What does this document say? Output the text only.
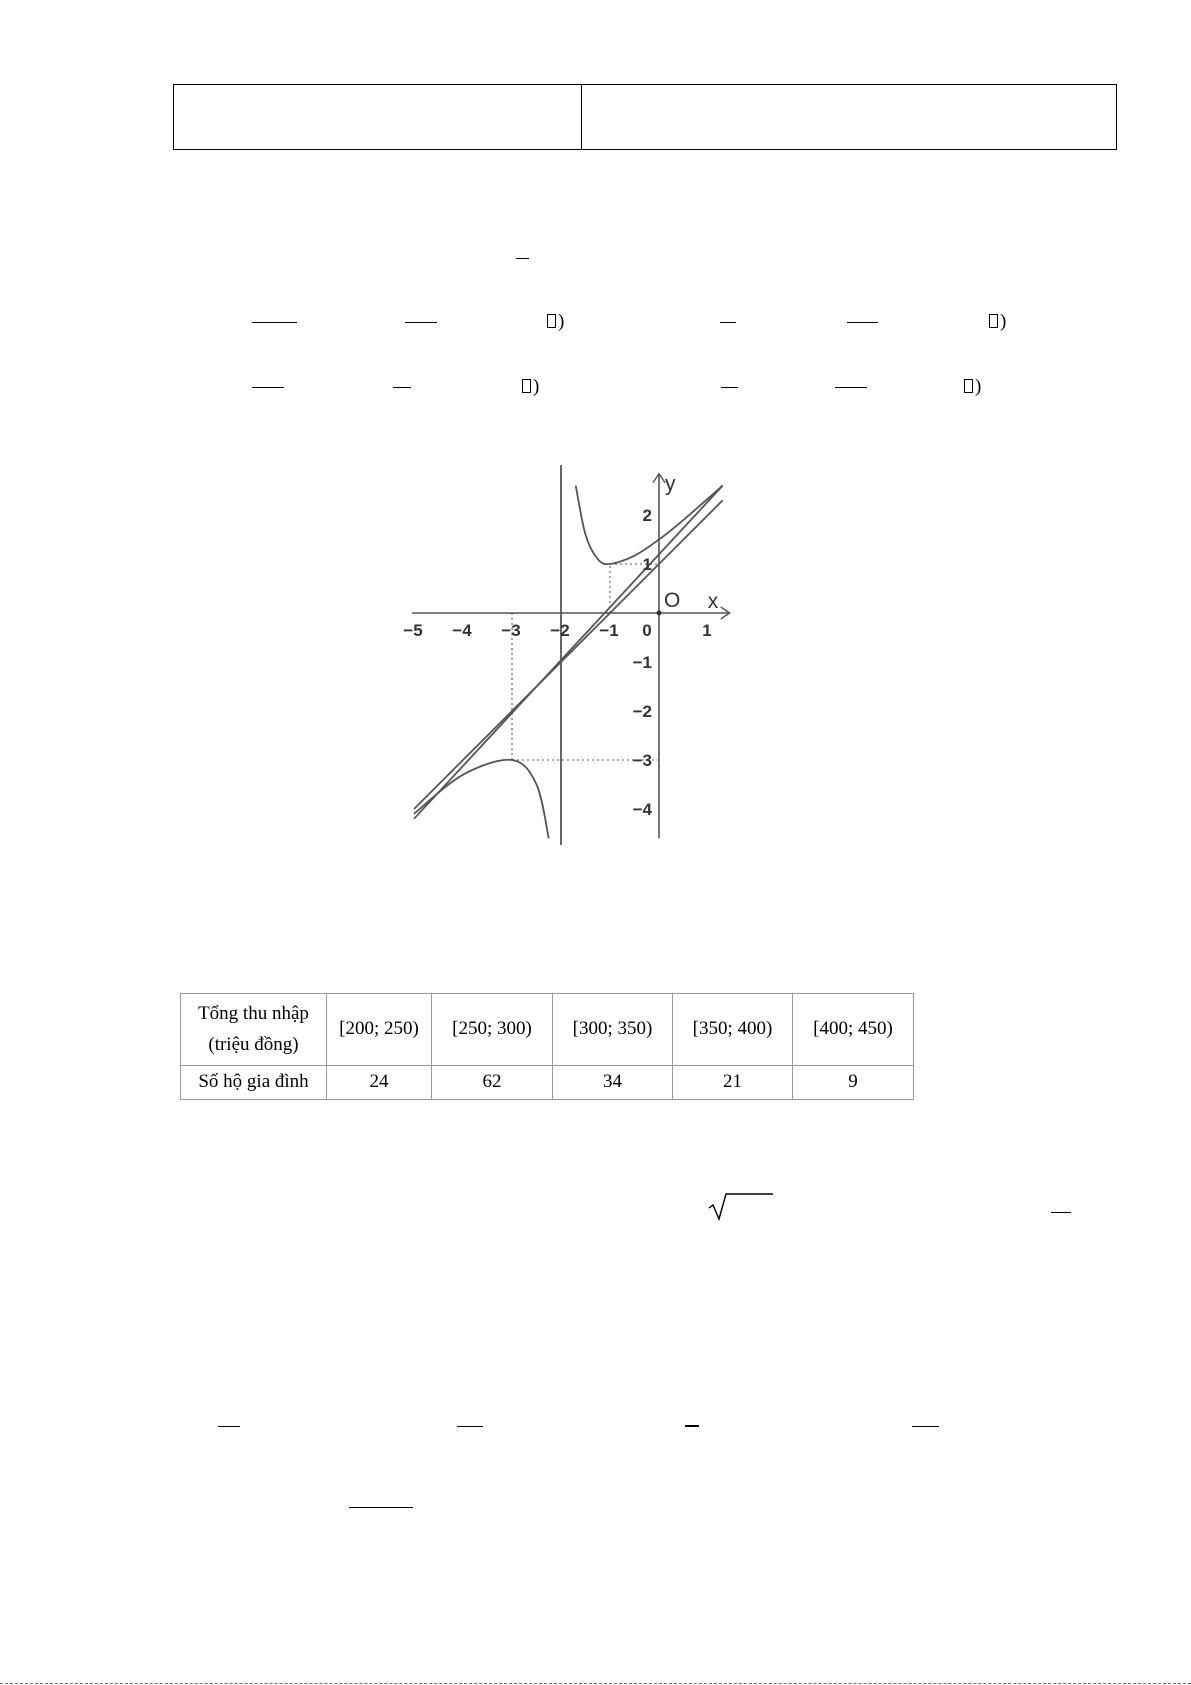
)	)
)	)
−5 −4 −3 −2 −1 0	1
2
1
−1
−2
−3
−4
x
y
O
Tổng thu nhập
(triệu đồng)	[200; 250)	[250; 300)	[300; 350)	[350; 400)	[400; 450)
Số hộ gia đình	24	62	34	21	9
